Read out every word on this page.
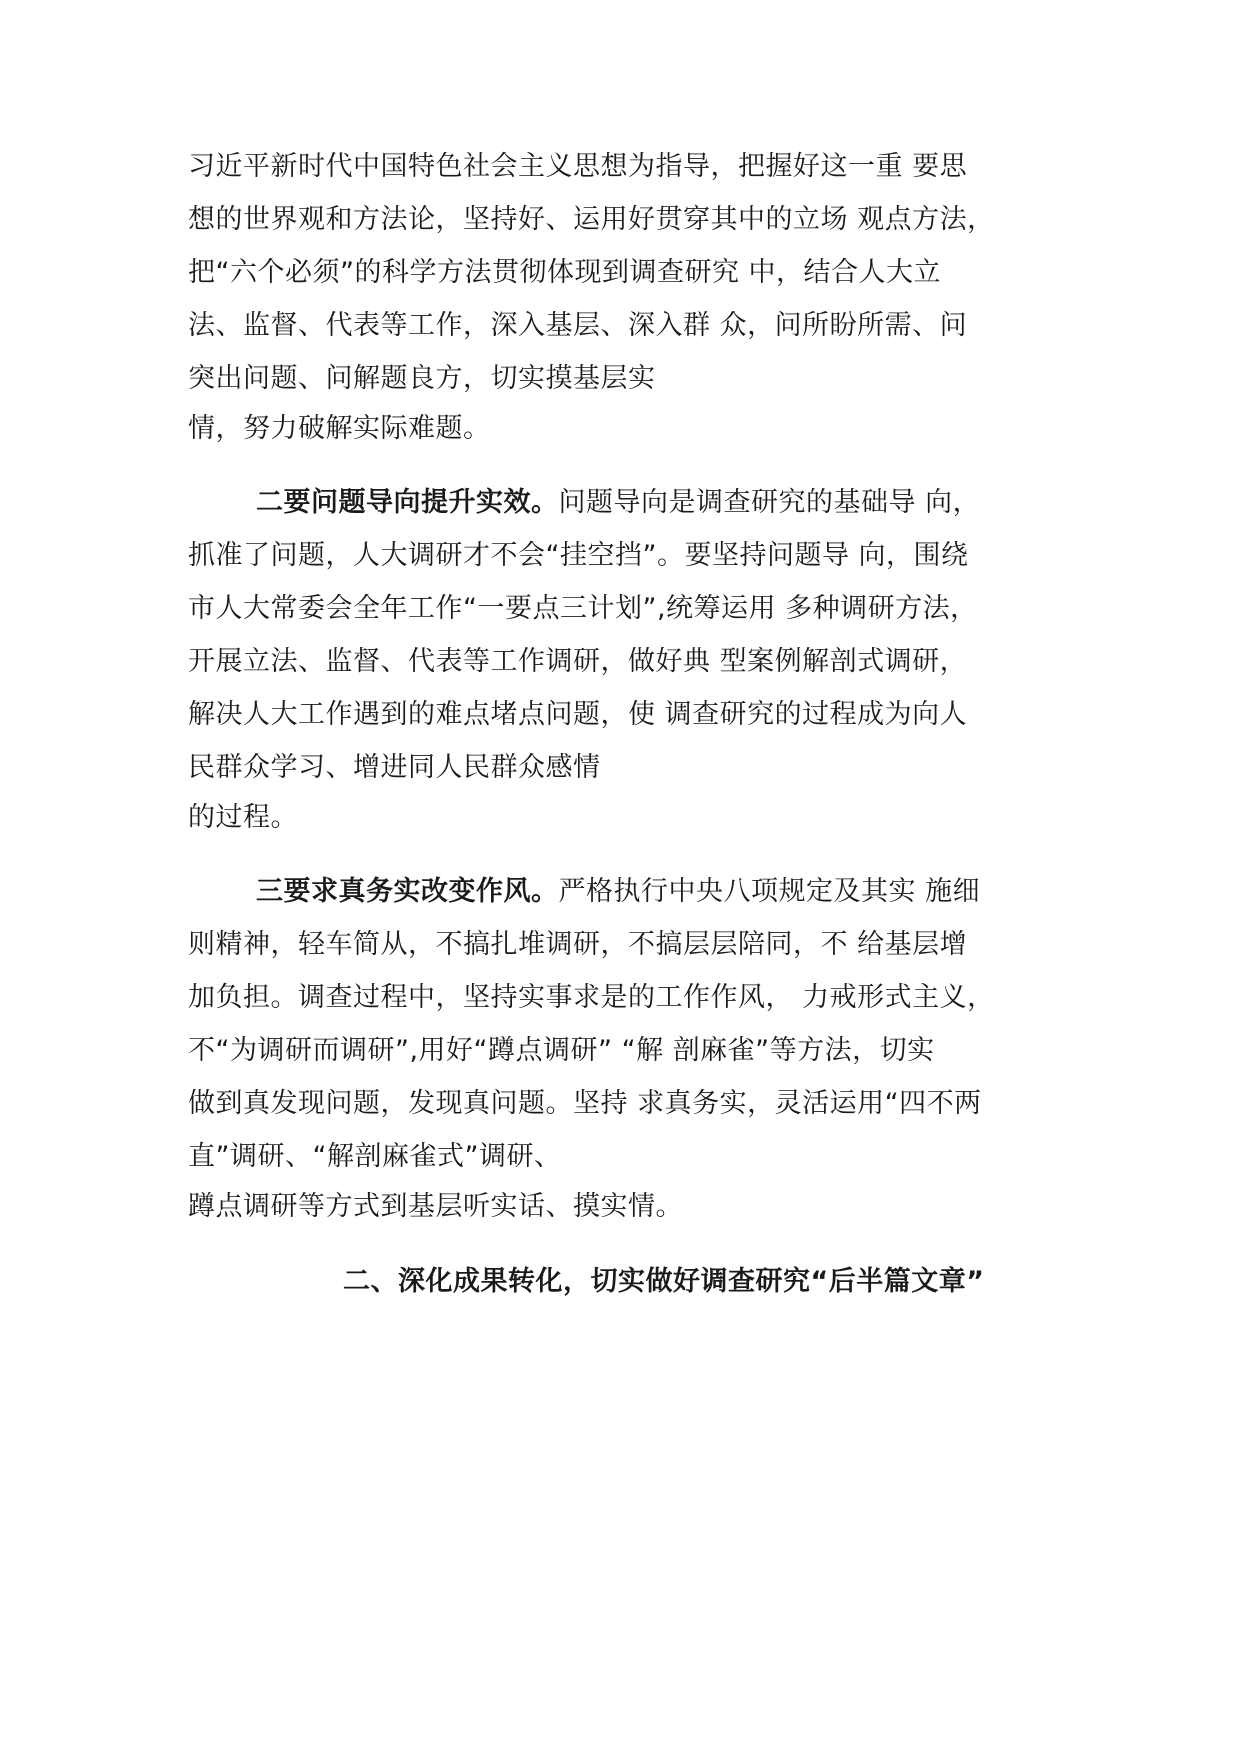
习近平新时代中国特色社会主义思想为指导，把握好这一重 要思
想的世界观和方法论，坚持好、运用好贯穿其中的立场 观点方法，
把“六个必须”的科学方法贯彻体现到调查研究 中，结合人大立
法、监督、代表等工作，深入基层、深入群 众，问所盼所需、问
突出问题、问解题良方，切实摸基层实
情，努力破解实际难题。
二要问题导向提升实效。问题导向是调查研究的基础导 向，
抓准了问题，人大调研才不会“挂空挡”。要坚持问题导 向，围绕
市人大常委会全年工作“一要点三计划”,统筹运用 多种调研方法，
开展立法、监督、代表等工作调研，做好典 型案例解剖式调研，
解决人大工作遇到的难点堵点问题，使 调查研究的过程成为向人
民群众学习、增进同人民群众感情
的过程。
三要求真务实改变作风。严格执行中央八项规定及其实 施细
则精神，轻车简从，不搞扎堆调研，不搞层层陪同，不 给基层增
加负担。调查过程中，坚持实事求是的工作作风， 力戒形式主义，
不“为调研而调研”,用好“蹲点调研” “解 剖麻雀”等方法，切实
做到真发现问题，发现真问题。坚持 求真务实，灵活运用“四不两
直”调研、“解剖麻雀式”调研、
蹲点调研等方式到基层听实话、摸实情。
二、深化成果转化，切实做好调查研究“后半篇文章”
